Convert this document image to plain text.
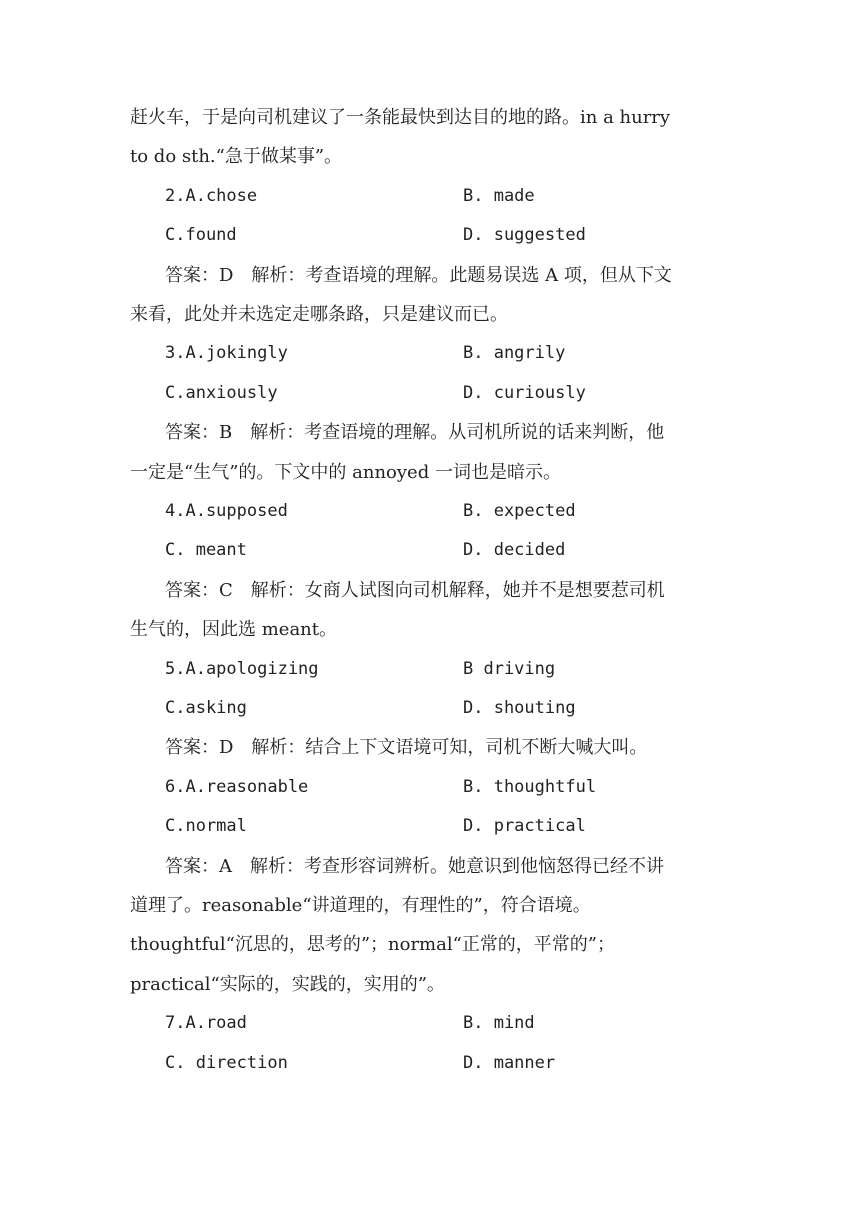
赶火车，于是向司机建议了一条能最快到达目的地的路。in a hurry
to do sth.“急于做某事”。
2.A.chose	B. made
C.found	D. suggested
答案：D　解析：考查语境的理解。此题易误选 A 项，但从下文
来看，此处并未选定走哪条路，只是建议而已。
3.A.jokingly	B. angrily
C.anxiously	D. curiously
答案：B　解析：考查语境的理解。从司机所说的话来判断，他
一定是“生气”的。下文中的 annoyed 一词也是暗示。
4.A.supposed	B. expected
C. meant	D. decided
答案：C　解析：女商人试图向司机解释，她并不是想要惹司机
生气的，因此选 meant。
5.A.apologizing	B driving
C.asking	D. shouting
答案：D　解析：结合上下文语境可知，司机不断大喊大叫。
6.A.reasonable	B. thoughtful
C.normal	D. practical
答案：A　解析：考查形容词辨析。她意识到他恼怒得已经不讲
道理了。reasonable“讲道理的，有理性的”，符合语境。
thoughtful“沉思的，思考的”；normal“正常的，平常的”；
practical“实际的，实践的，实用的”。
7.A.road	B. mind
C. direction	D. manner
